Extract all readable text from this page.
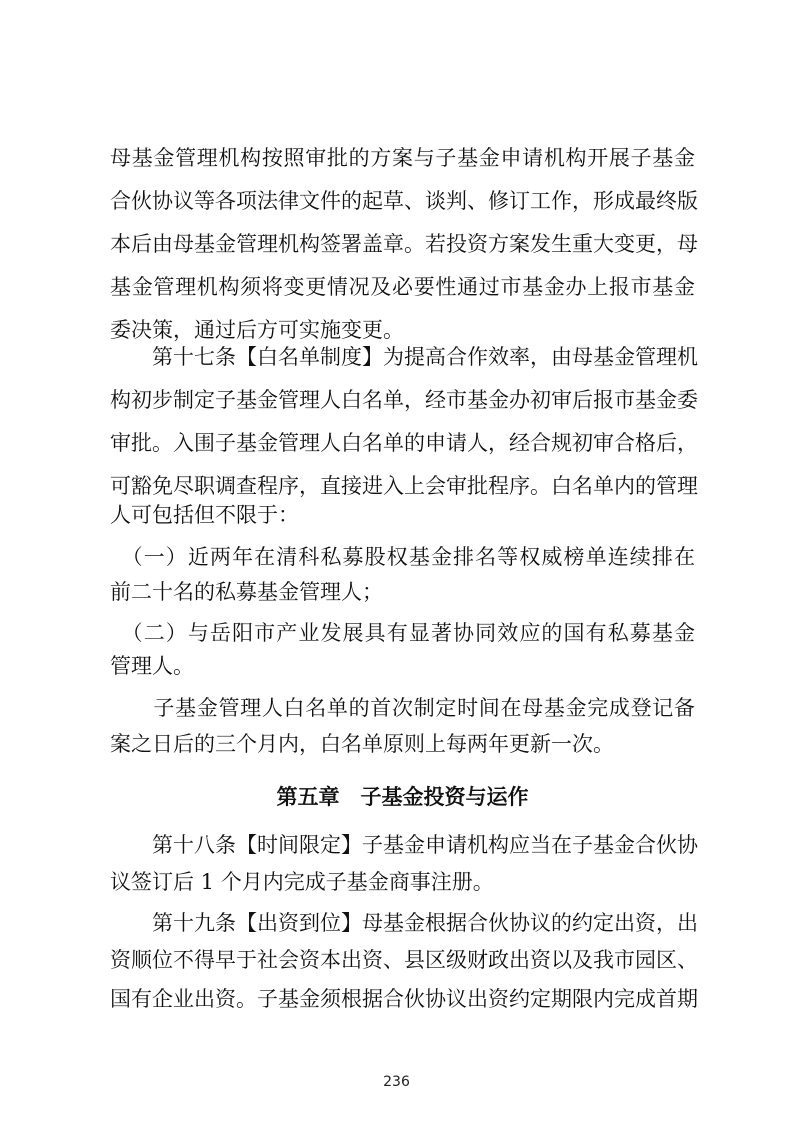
母基金管理机构按照审批的方案与子基金申请机构开展子基金
合伙协议等各项法律文件的起草、谈判、修订工作，形成最终版
本后由母基金管理机构签署盖章。若投资方案发生重大变更，母
基金管理机构须将变更情况及必要性通过市基金办上报市基金
委决策，通过后方可实施变更。
　　第十七条【白名单制度】为提高合作效率，由母基金管理机
构初步制定子基金管理人白名单，经市基金办初审后报市基金委
审批。入围子基金管理人白名单的申请人，经合规初审合格后，
可豁免尽职调查程序，直接进入上会审批程序。白名单内的管理
人可包括但不限于：
　（一）近两年在清科私募股权基金排名等权威榜单连续排在
前二十名的私募基金管理人；
　（二）与岳阳市产业发展具有显著协同效应的国有私募基金
管理人。
　　子基金管理人白名单的首次制定时间在母基金完成登记备
案之日后的三个月内，白名单原则上每两年更新一次。
第五章　子基金投资与运作
　　第十八条【时间限定】子基金申请机构应当在子基金合伙协
议签订后 1 个月内完成子基金商事注册。
　　第十九条【出资到位】母基金根据合伙协议的约定出资，出
资顺位不得早于社会资本出资、县区级财政出资以及我市园区、
国有企业出资。子基金须根据合伙协议出资约定期限内完成首期
236
